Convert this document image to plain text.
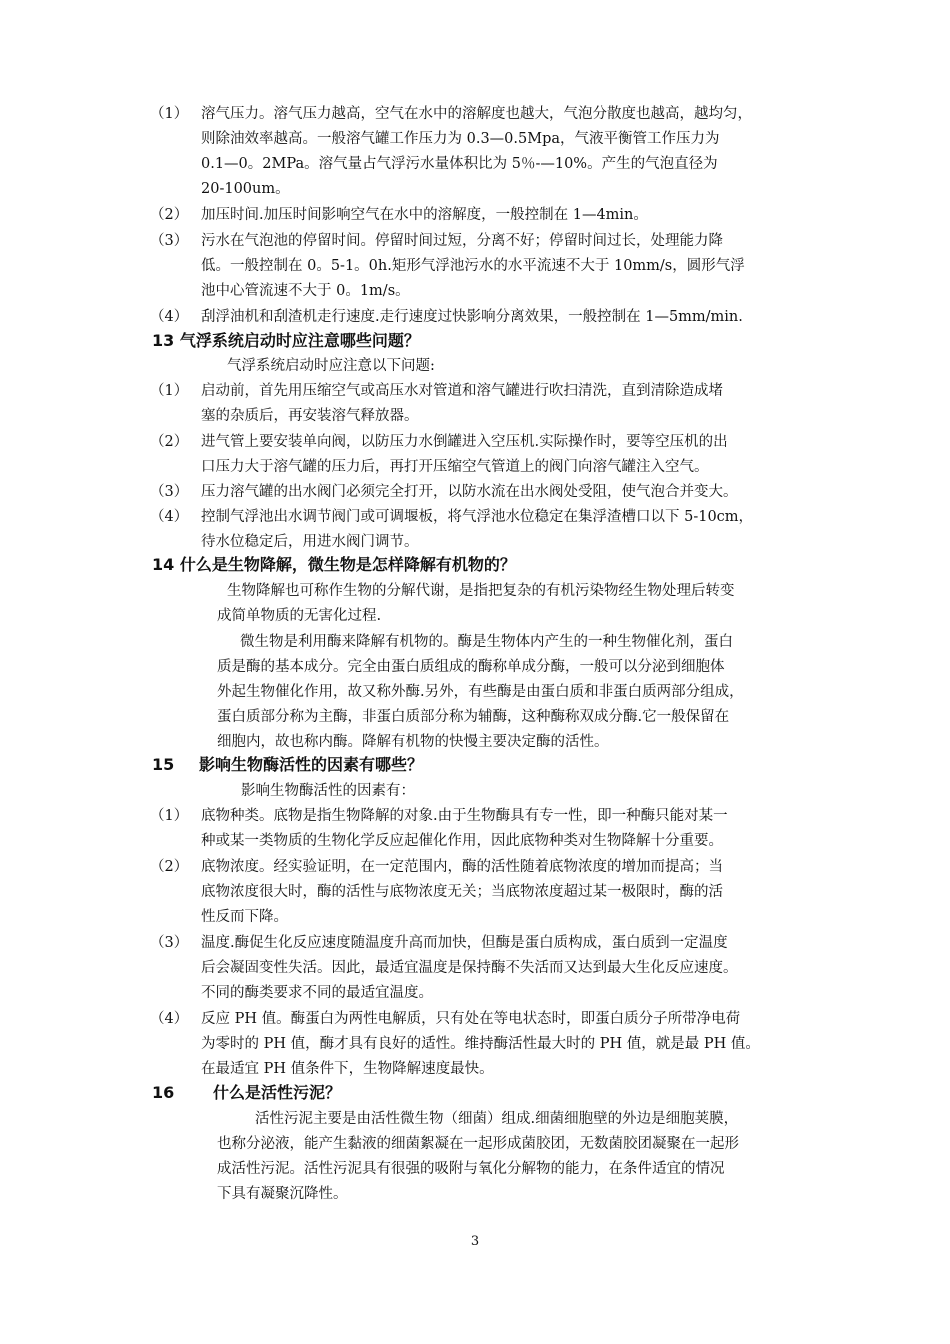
（1） 溶气压力。溶气压力越高，空气在水中的溶解度也越大，气泡分散度也越高，越均匀，
则除油效率越高。一般溶气罐工作压力为 0.3—0.5Mpa，气液平衡管工作压力为
0.1—0。2MPa。溶气量占气浮污水量体积比为 5％-—10%。产生的气泡直径为
20-100um。
（2） 加压时间.加压时间影响空气在水中的溶解度，一般控制在 1—4min。
（3） 污水在气泡池的停留时间。停留时间过短，分离不好；停留时间过长，处理能力降
低。一般控制在 0。5-1。0h.矩形气浮池污水的水平流速不大于 10mm/s，圆形气浮
池中心管流速不大于 0。1m/s。
（4） 刮浮油机和刮渣机走行速度.走行速度过快影响分离效果，一般控制在 1—5mm/min.
13 气浮系统启动时应注意哪些问题？
气浮系统启动时应注意以下问题:
（1） 启动前，首先用压缩空气或高压水对管道和溶气罐进行吹扫清洗，直到清除造成堵
塞的杂质后，再安装溶气释放器。
（2） 进气管上要安装单向阀，以防压力水倒罐进入空压机.实际操作时，要等空压机的出
口压力大于溶气罐的压力后，再打开压缩空气管道上的阀门向溶气罐注入空气。
（3） 压力溶气罐的出水阀门必须完全打开，以防水流在出水阀处受阻，使气泡合并变大。
（4） 控制气浮池出水调节阀门或可调堰板，将气浮池水位稳定在集浮渣槽口以下 5-10cm，
待水位稳定后，用进水阀门调节。
14 什么是生物降解，微生物是怎样降解有机物的？
生物降解也可称作生物的分解代谢，是指把复杂的有机污染物经生物处理后转变
成简单物质的无害化过程.
微生物是利用酶来降解有机物的。酶是生物体内产生的一种生物催化剂，蛋白
质是酶的基本成分。完全由蛋白质组成的酶称单成分酶，一般可以分泌到细胞体
外起生物催化作用，故又称外酶.另外，有些酶是由蛋白质和非蛋白质两部分组成，
蛋白质部分称为主酶，非蛋白质部分称为辅酶，这种酶称双成分酶.它一般保留在
细胞内，故也称内酶。降解有机物的快慢主要决定酶的活性。
15 影响生物酶活性的因素有哪些？
影响生物酶活性的因素有：
（1） 底物种类。底物是指生物降解的对象.由于生物酶具有专一性，即一种酶只能对某一
种或某一类物质的生物化学反应起催化作用，因此底物种类对生物降解十分重要。
（2） 底物浓度。经实验证明，在一定范围内，酶的活性随着底物浓度的增加而提高；当
底物浓度很大时，酶的活性与底物浓度无关；当底物浓度超过某一极限时，酶的活
性反而下降。
（3） 温度.酶促生化反应速度随温度升高而加快，但酶是蛋白质构成，蛋白质到一定温度
后会凝固变性失活。因此，最适宜温度是保持酶不失活而又达到最大生化反应速度。
不同的酶类要求不同的最适宜温度。
（4） 反应 PH 值。酶蛋白为两性电解质，只有处在等电状态时，即蛋白质分子所带净电荷
为零时的 PH 值，酶才具有良好的适性。维持酶活性最大时的 PH 值，就是最 PH 值。
在最适宜 PH 值条件下，生物降解速度最快。
16 什么是活性污泥？
活性污泥主要是由活性微生物（细菌）组成.细菌细胞壁的外边是细胞荚膜，
也称分泌液，能产生黏液的细菌絮凝在一起形成菌胶团，无数菌胶团凝聚在一起形
成活性污泥。活性污泥具有很强的吸附与氧化分解物的能力，在条件适宜的情况
下具有凝聚沉降性。
3
